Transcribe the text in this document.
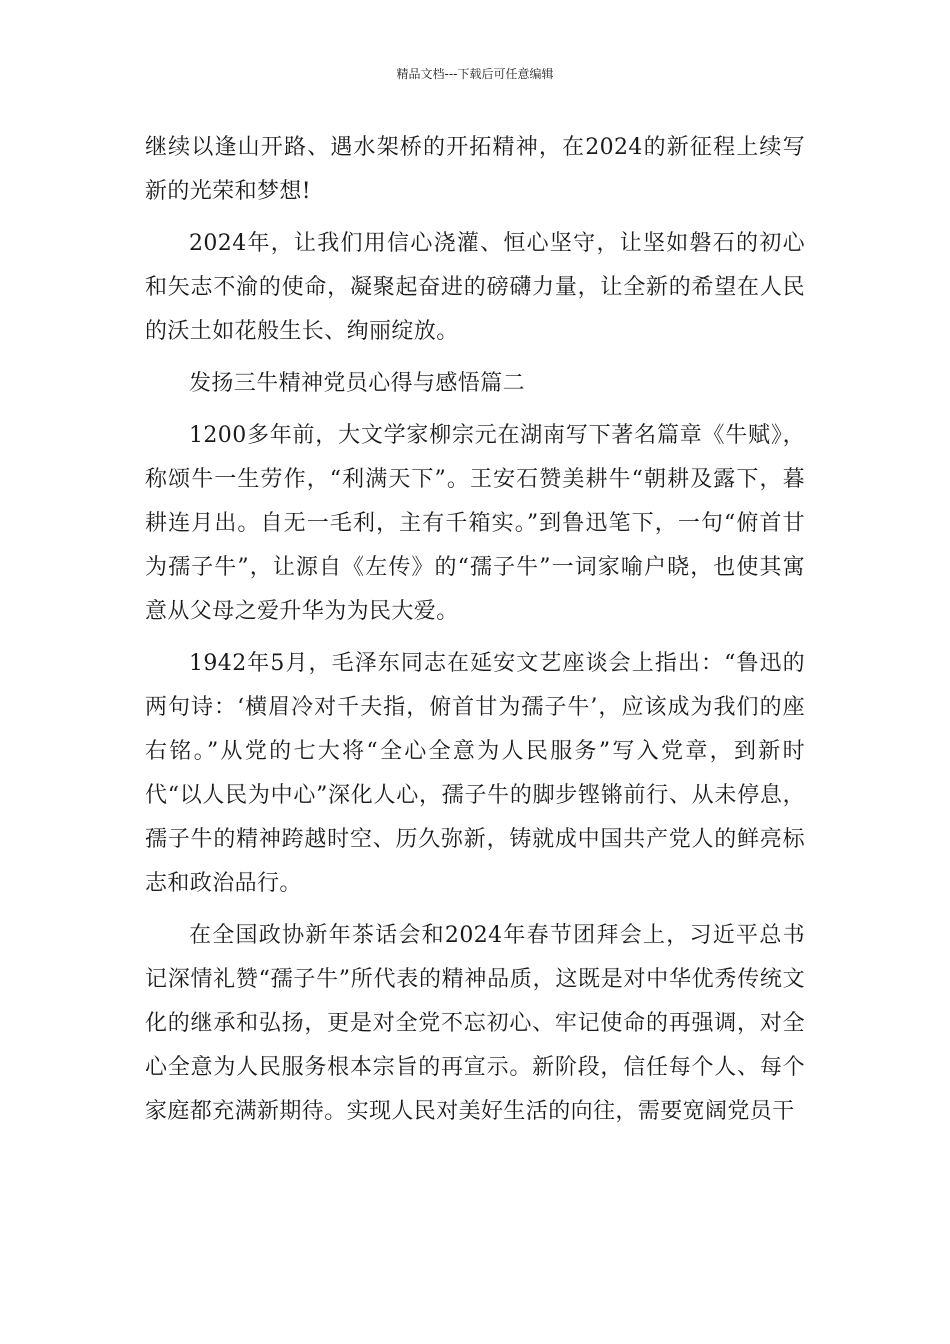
精品文档---下载后可任意编辑

继续以逢山开路、遇水架桥的开拓精神，在2024的新征程上续写新的光荣和梦想!

2024年，让我们用信心浇灌、恒心坚守，让坚如磐石的初心和矢志不渝的使命，凝聚起奋进的磅礴力量，让全新的希望在人民的沃土如花般生长、绚丽绽放。

发扬三牛精神党员心得与感悟篇二

1200多年前，大文学家柳宗元在湖南写下著名篇章《牛赋》，称颂牛一生劳作，“利满天下”。王安石赞美耕牛“朝耕及露下，暮耕连月出。自无一毛利，主有千箱实。”到鲁迅笔下，一句“俯首甘为孺子牛”，让源自《左传》的“孺子牛”一词家喻户晓，也使其寓意从父母之爱升华为为民大爱。

1942年5月，毛泽东同志在延安文艺座谈会上指出：“鲁迅的两句诗：‘横眉冷对千夫指，俯首甘为孺子牛’，应该成为我们的座右铭。”从党的七大将“全心全意为人民服务”写入党章，到新时代“以人民为中心”深化人心，孺子牛的脚步铿锵前行、从未停息，孺子牛的精神跨越时空、历久弥新，铸就成中国共产党人的鲜亮标志和政治品行。

在全国政协新年茶话会和2024年春节团拜会上，习近平总书记深情礼赞“孺子牛”所代表的精神品质，这既是对中华优秀传统文化的继承和弘扬，更是对全党不忘初心、牢记使命的再强调，对全心全意为人民服务根本宗旨的再宣示。新阶段，信任每个人、每个家庭都充满新期待。实现人民对美好生活的向往，需要宽阔党员干
